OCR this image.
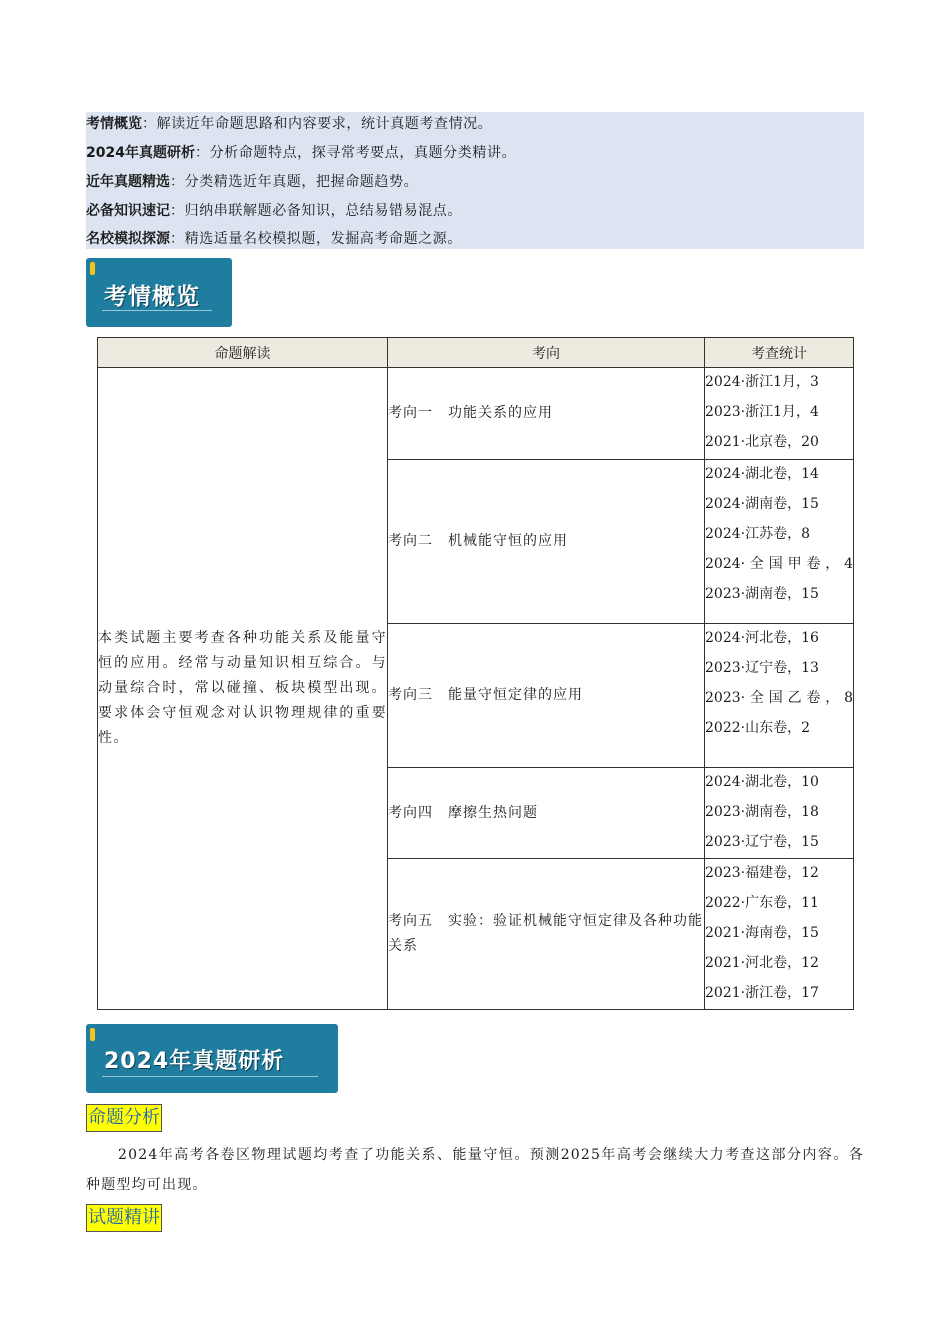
考情概览：解读近年命题思路和内容要求，统计真题考查情况。
2024年真题研析：分析命题特点，探寻常考要点，真题分类精讲。
近年真题精选：分类精选近年真题，把握命题趋势。
必备知识速记：归纳串联解题必备知识，总结易错易混点。
名校模拟探源：精选适量名校模拟题，发掘高考命题之源。
考情概览
命题解读	考向	考查统计
本类试题主要考查各种功能关系及能量守恒的应用。经常与动量知识相互综合。与动量综合时，常以碰撞、板块模型出现。要求体会守恒观念对认识物理规律的重要性。	考向一　功能关系的应用	2024·浙江1月，3
2023·浙江1月，4
2021·北京卷，20

	考向二　机械能守恒的应用	2024·湖北卷，14
2024·湖南卷，15
2024·江苏卷，8
2024·全国甲卷，4
2023·湖南卷，15

	考向三　能量守恒定律的应用	2024·河北卷，16
2023·辽宁卷，13
2023·全国乙卷，8
2022·山东卷，2

	考向四　摩擦生热问题	2024·湖北卷，10
2023·湖南卷，18
2023·辽宁卷，15

	考向五　实验：验证机械能守恒定律及各种功能关系	2023·福建卷，12
2022·广东卷，11
2021·海南卷，15
2021·河北卷，12
2021·浙江卷，17
2024年真题研析
命题分析
2024年高考各卷区物理试题均考查了功能关系、能量守恒。预测2025年高考会继续大力考查这部分内容。各种题型均可出现。
试题精讲
